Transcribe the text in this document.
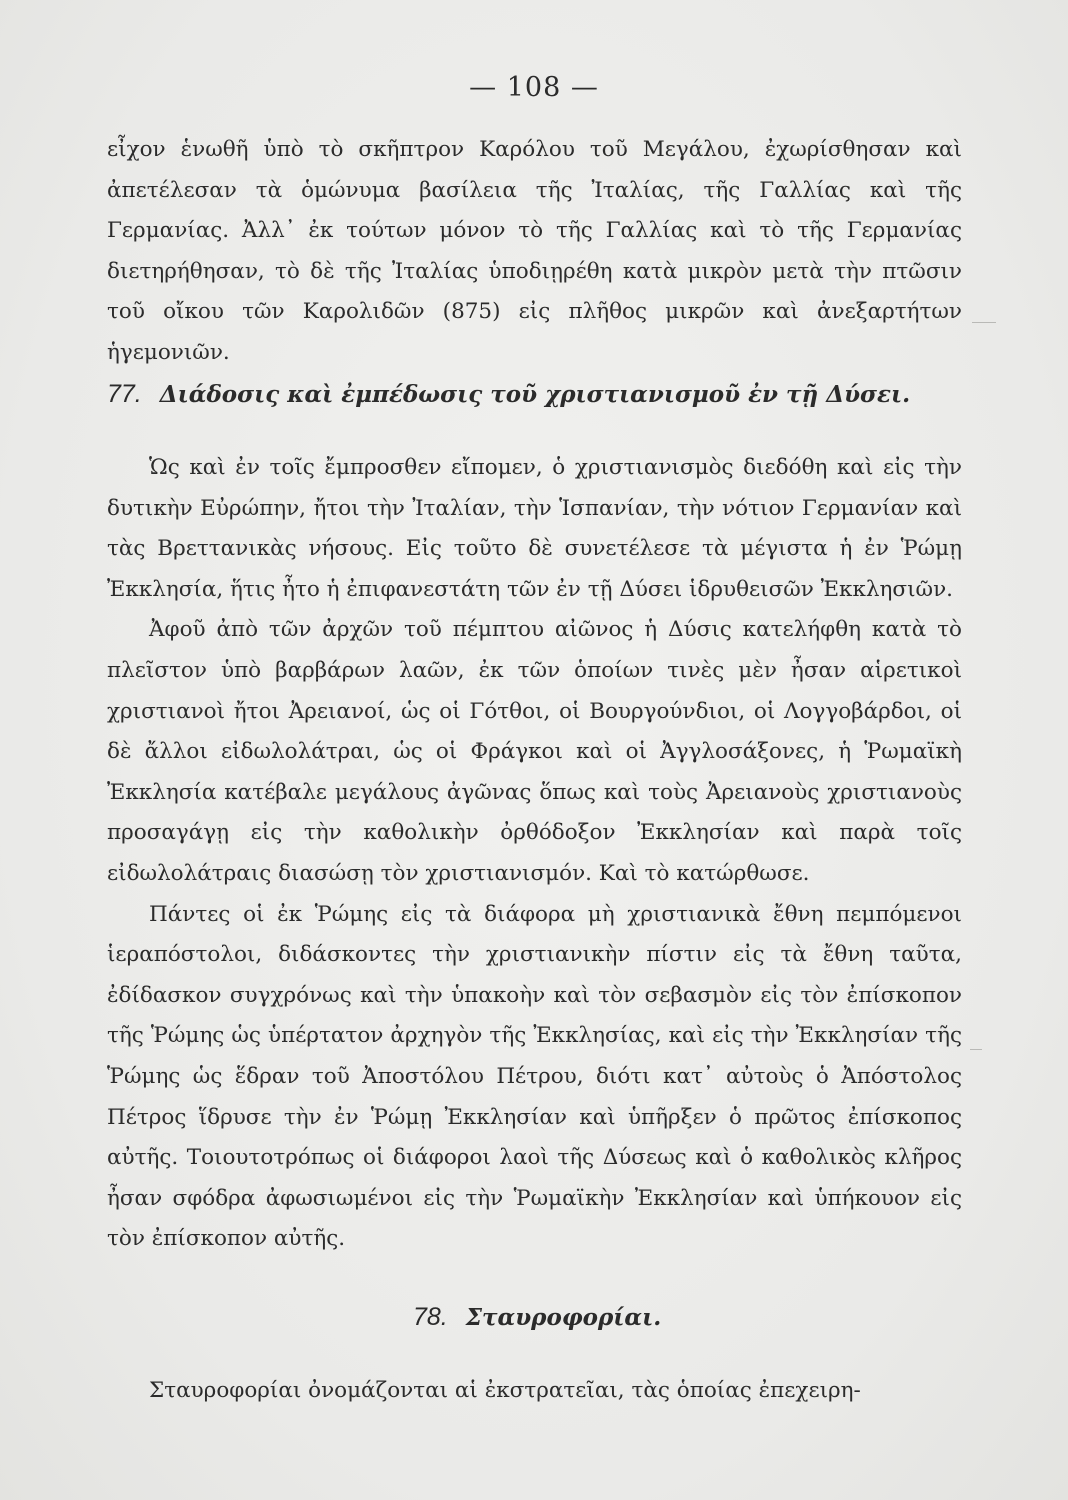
— 108 —

εἶχον ἑνωθῆ ὑπὸ τὸ σκῆπτρον Καρόλου τοῦ Μεγάλου, ἐχωρίσθησαν καὶ ἀπετέλεσαν τὰ ὁμώνυμα βασίλεια τῆς Ἰταλίας, τῆς Γαλλίας καὶ τῆς Γερμανίας. Ἀλλ᾿ ἐκ τούτων μόνον τὸ τῆς Γαλλίας καὶ τὸ τῆς Γερμανίας διετηρήθησαν, τὸ δὲ τῆς Ἰταλίας ὑποδιῃρέθη κατὰ μικρὸν μετὰ τὴν πτῶσιν τοῦ οἴκου τῶν Καρολιδῶν (875) εἰς πλῆθος μικρῶν καὶ ἀνεξαρτήτων ἡγεμονιῶν.

77. Διάδοσις καὶ ἐμπέδωσις τοῦ χριστιανισμοῦ ἐν τῇ Δύσει.

Ὡς καὶ ἐν τοῖς ἔμπροσθεν εἴπομεν, ὁ χριστιανισμὸς διεδόθη καὶ εἰς τὴν δυτικὴν Εὐρώπην, ἤτοι τὴν Ἰταλίαν, τὴν Ἱσπανίαν, τὴν νότιον Γερμανίαν καὶ τὰς Βρεττανικὰς νήσους. Εἰς τοῦτο δὲ συνετέλεσε τὰ μέγιστα ἡ ἐν Ῥώμῃ Ἐκκλησία, ἥτις ἦτο ἡ ἐπιφανεστάτη τῶν ἐν τῇ Δύσει ἱδρυθεισῶν Ἐκκλησιῶν.

Ἀφοῦ ἀπὸ τῶν ἀρχῶν τοῦ πέμπτου αἰῶνος ἡ Δύσις κατελήφθη κατὰ τὸ πλεῖστον ὑπὸ βαρβάρων λαῶν, ἐκ τῶν ὁποίων τινὲς μὲν ἦσαν αἱρετικοὶ χριστιανοὶ ἤτοι Ἀρειανοί, ὡς οἱ Γότθοι, οἱ Βουργούνδιοι, οἱ Λογγοβάρδοι, οἱ δὲ ἄλλοι εἰδωλολάτραι, ὡς οἱ Φράγκοι καὶ οἱ Ἀγγλοσάξονες, ἡ Ῥωμαϊκὴ Ἐκκλησία κατέβαλε μεγάλους ἀγῶνας ὅπως καὶ τοὺς Ἀρειανοὺς χριστιανοὺς προσαγάγῃ εἰς τὴν καθολικὴν ὀρθόδοξον Ἐκκλησίαν καὶ παρὰ τοῖς εἰδωλολάτραις διασώσῃ τὸν χριστιανισμόν. Καὶ τὸ κατώρθωσε.

Πάντες οἱ ἐκ Ῥώμης εἰς τὰ διάφορα μὴ χριστιανικὰ ἔθνη πεμπόμενοι ἱεραπόστολοι, διδάσκοντες τὴν χριστιανικὴν πίστιν εἰς τὰ ἔθνη ταῦτα, ἐδίδασκον συγχρόνως καὶ τὴν ὑπακοὴν καὶ τὸν σεβασμὸν εἰς τὸν ἐπίσκοπον τῆς Ῥώμης ὡς ὑπέρτατον ἀρχηγὸν τῆς Ἐκκλησίας, καὶ εἰς τὴν Ἐκκλησίαν τῆς Ῥώμης ὡς ἕδραν τοῦ Ἀποστόλου Πέτρου, διότι κατ᾿ αὐτοὺς ὁ Ἀπόστολος Πέτρος ἵδρυσε τὴν ἐν Ῥώμῃ Ἐκκλησίαν καὶ ὑπῆρξεν ὁ πρῶτος ἐπίσκοπος αὐτῆς. Τοιουτοτρόπως οἱ διάφοροι λαοὶ τῆς Δύσεως καὶ ὁ καθολικὸς κλῆρος ἦσαν σφόδρα ἀφωσιωμένοι εἰς τὴν Ῥωμαϊκὴν Ἐκκλησίαν καὶ ὑπήκουον εἰς τὸν ἐπίσκοπον αὐτῆς.

78. Σταυροφορίαι.

Σταυροφορίαι ὀνομάζονται αἱ ἐκστρατεῖαι, τὰς ὁποίας ἐπεχειρη-
